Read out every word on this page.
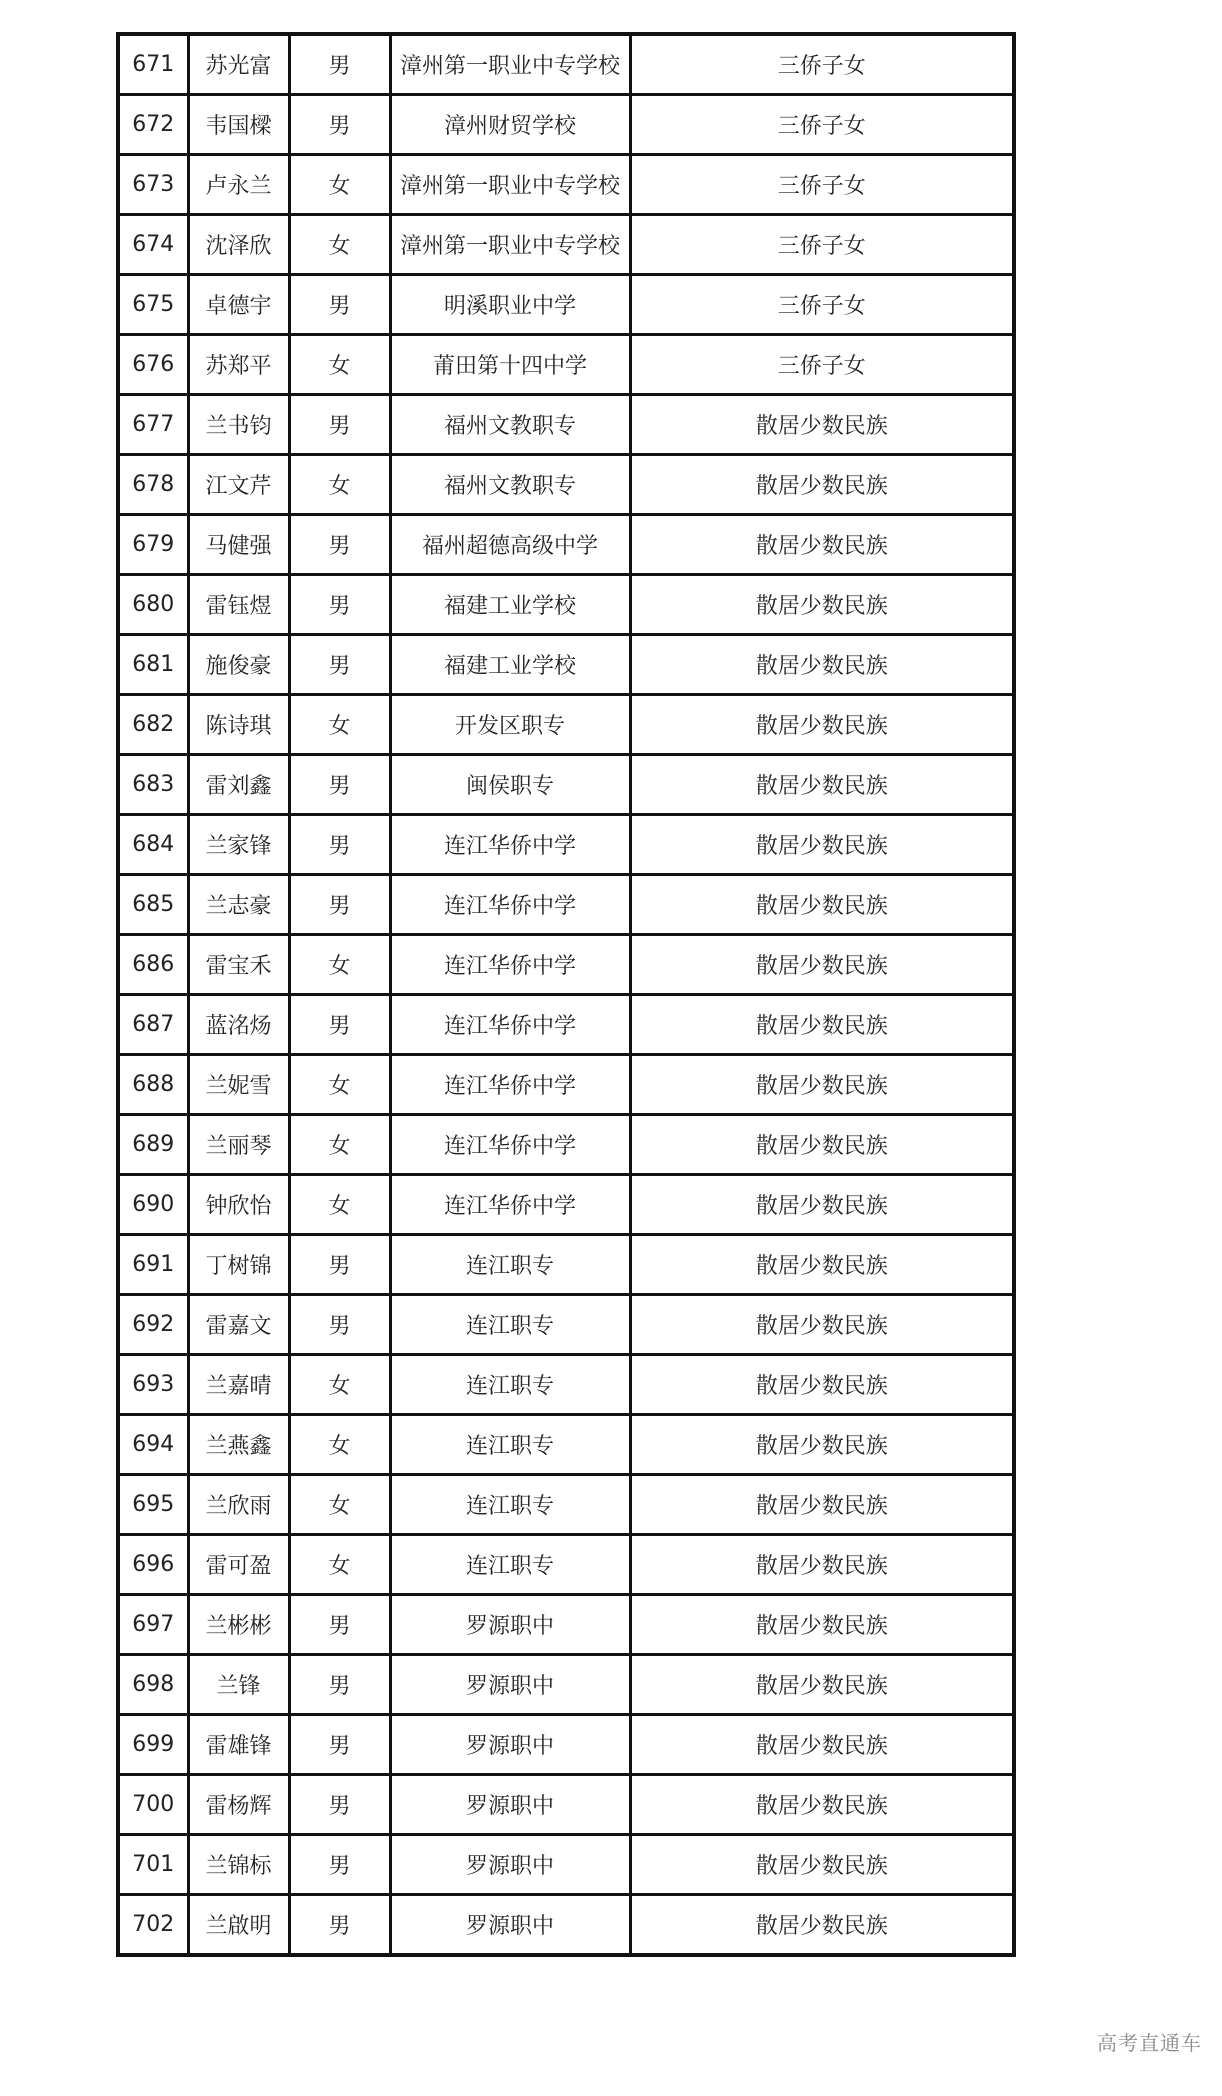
671	苏光富	男	漳州第一职业中专学校	三侨子女
672	韦国樑	男	漳州财贸学校	三侨子女
673	卢永兰	女	漳州第一职业中专学校	三侨子女
674	沈泽欣	女	漳州第一职业中专学校	三侨子女
675	卓德宇	男	明溪职业中学	三侨子女
676	苏郑平	女	莆田第十四中学	三侨子女
677	兰书钧	男	福州文教职专	散居少数民族
678	江文芹	女	福州文教职专	散居少数民族
679	马健强	男	福州超德高级中学	散居少数民族
680	雷钰煜	男	福建工业学校	散居少数民族
681	施俊豪	男	福建工业学校	散居少数民族
682	陈诗琪	女	开发区职专	散居少数民族
683	雷刘鑫	男	闽侯职专	散居少数民族
684	兰家锋	男	连江华侨中学	散居少数民族
685	兰志豪	男	连江华侨中学	散居少数民族
686	雷宝禾	女	连江华侨中学	散居少数民族
687	蓝洺炀	男	连江华侨中学	散居少数民族
688	兰妮雪	女	连江华侨中学	散居少数民族
689	兰丽琴	女	连江华侨中学	散居少数民族
690	钟欣怡	女	连江华侨中学	散居少数民族
691	丁树锦	男	连江职专	散居少数民族
692	雷嘉文	男	连江职专	散居少数民族
693	兰嘉晴	女	连江职专	散居少数民族
694	兰燕鑫	女	连江职专	散居少数民族
695	兰欣雨	女	连江职专	散居少数民族
696	雷可盈	女	连江职专	散居少数民族
697	兰彬彬	男	罗源职中	散居少数民族
698	兰锋	男	罗源职中	散居少数民族
699	雷雄锋	男	罗源职中	散居少数民族
700	雷杨辉	男	罗源职中	散居少数民族
701	兰锦标	男	罗源职中	散居少数民族
702	兰啟明	男	罗源职中	散居少数民族
高考直通车
